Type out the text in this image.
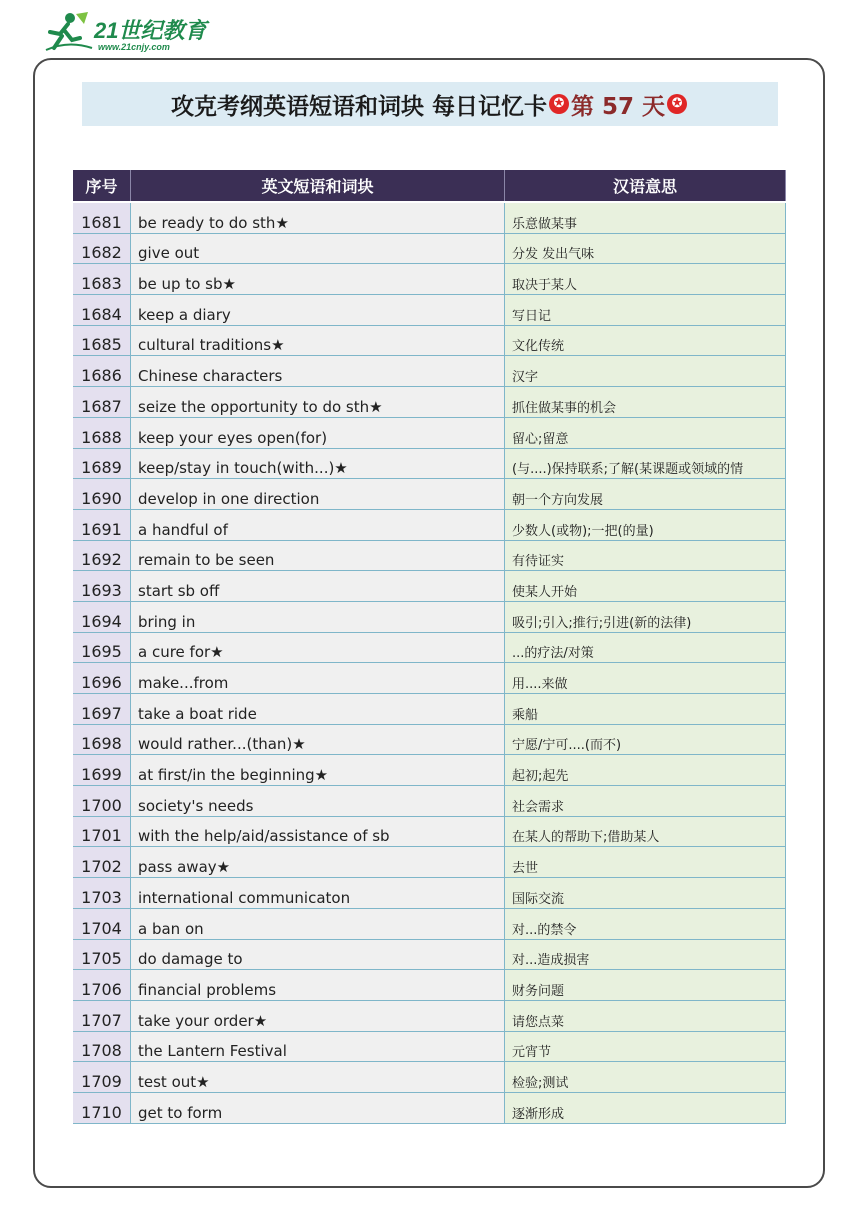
21世纪教育
www.21cnjy.com
攻克考纲英语短语和词块 每日记忆卡 ✪ 第 57 天 ✪
序号	英文短语和词块	汉语意思
1681	be ready to do sth★	乐意做某事
1682	give out	分发 发出气味
1683	be up to sb★	取决于某人
1684	keep a diary	写日记
1685	cultural traditions★	文化传统
1686	Chinese characters	汉字
1687	seize the opportunity to do sth★	抓住做某事的机会
1688	keep your eyes open(for)	留心;留意
1689	keep/stay in touch(with...)★	(与....)保持联系;了解(某课题或领域的情
1690	develop in one direction	朝一个方向发展
1691	a handful of	少数人(或物);一把(的量)
1692	remain to be seen	有待证实
1693	start sb off	使某人开始
1694	bring in	吸引;引入;推行;引进(新的法律)
1695	a cure for★	...的疗法/对策
1696	make...from	用....来做
1697	take a boat ride	乘船
1698	would rather...(than)★	宁愿/宁可....(而不)
1699	at first/in the beginning★	起初;起先
1700	society's needs	社会需求
1701	with the help/aid/assistance of sb	在某人的帮助下;借助某人
1702	pass away★	去世
1703	international communicaton	国际交流
1704	a ban on	对...的禁令
1705	do damage to	对...造成损害
1706	financial problems	财务问题
1707	take your order★	请您点菜
1708	the Lantern Festival	元宵节
1709	test out★	检验;测试
1710	get to form	逐渐形成
